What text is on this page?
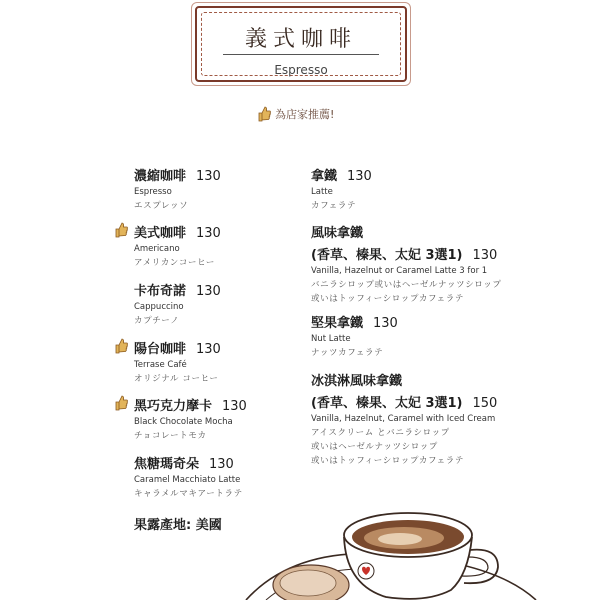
義式咖啡
Espresso
為店家推薦!
濃縮咖啡 130
Espresso
エスプレッソ
美式咖啡 130
Americano
アメリカンコーヒー
卡布奇諾 130
Cappuccino
カプチーノ
陽台咖啡 130
Terrase Café
オリジナル コーヒー
黑巧克力摩卡 130
Black Chocolate Mocha
チョコレートモカ
焦糖瑪奇朵 130
Caramel Macchiato Latte
キャラメルマキアートラテ
拿鐵 130
Latte
カフェラテ
風味拿鐵
(香草、榛果、太妃 3選1) 130
Vanilla, Hazelnut or Caramel Latte 3 for 1
バニラシロップ或いはヘーゼルナッツシロップ
或いはトッフィーシロップカフェラテ
堅果拿鐵 130
Nut Latte
ナッツカフェラテ
冰淇淋風味拿鐵
(香草、榛果、太妃 3選1) 150
Vanilla, Hazelnut, Caramel with Iced Cream
アイスクリーム とバニラシロップ
或いはヘーゼルナッツシロップ
或いはトッフィーシロップカフェラテ
果露產地: 美國
